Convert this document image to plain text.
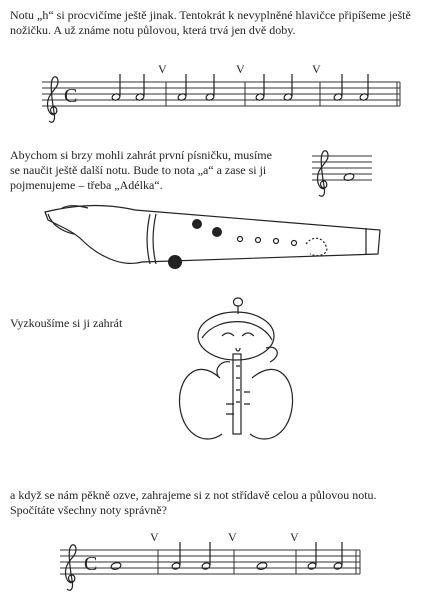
Notu „h“ si procvičíme ještě jinak. Tentokrát k nevyplněné hlavičce připíšeme ještě nožičku. A už známe notu půlovou, která trvá jen dvě doby.
C
V	V	V
Abychom si brzy mohli zahrát první písničku, musíme se naučit ještě další notu. Bude to nota „a“ a zase si ji pojmenujeme – třeba „Adélka“.
Vyzkoušíme si ji zahrát
a když se nám pěkně ozve, zahrajeme si z not střídavě celou a půlovou notu. Spočítáte všechny noty správně?
C
V	V	V
